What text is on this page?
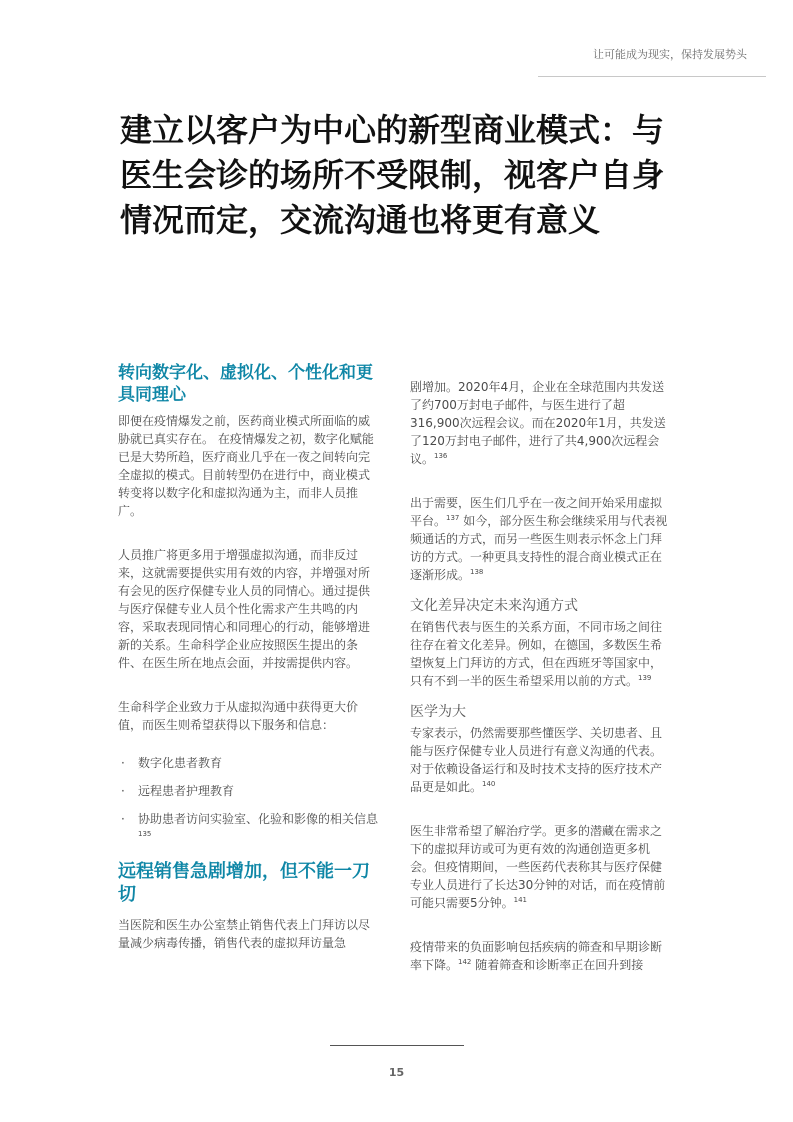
让可能成为现实，保持发展势头
建立以客户为中心的新型商业模式：与医生会诊的场所不受限制，视客户自身情况而定，交流沟通也将更有意义
转向数字化、虚拟化、个性化和更具同理心

即便在疫情爆发之前，医药商业模式所面临的威胁就已真实存在。 在疫情爆发之初，数字化赋能已是大势所趋，医疗商业几乎在一夜之间转向完全虚拟的模式。目前转型仍在进行中，商业模式转变将以数字化和虚拟沟通为主，而非人员推广。

人员推广将更多用于增强虚拟沟通，而非反过来，这就需要提供实用有效的内容，并增强对所有会见的医疗保健专业人员的同情心。通过提供与医疗保健专业人员个性化需求产生共鸣的内容，采取表现同情心和同理心的行动，能够增进新的关系。生命科学企业应按照医生提出的条件、在医生所在地点会面，并按需提供内容。

生命科学企业致力于从虚拟沟通中获得更大价值，而医生则希望获得以下服务和信息：

· 数字化患者教育
· 远程患者护理教育
· 协助患者访问实验室、化验和影像的相关信息$^{135}$
远程销售急剧增加，但不能一刀切

当医院和医生办公室禁止销售代表上门拜访以尽量减少病毒传播，销售代表的虚拟拜访量急

剧增加。2020年4月，企业在全球范围内共发送了约700万封电子邮件，与医生进行了超316,900次远程会议。而在2020年1月，共发送了120万封电子邮件，进行了共4,900次远程会议。$^{136}$

出于需要，医生们几乎在一夜之间开始采用虚拟平台。$^{137}$ 如今，部分医生称会继续采用与代表视频通话的方式，而另一些医生则表示怀念上门拜访的方式。一种更具支持性的混合商业模式正在逐渐形成。$^{138}$

文化差异决定未来沟通方式

在销售代表与医生的关系方面，不同市场之间往往存在着文化差异。例如，在德国，多数医生希望恢复上门拜访的方式，但在西班牙等国家中，只有不到一半的医生希望采用以前的方式。$^{139}$

医学为大

专家表示，仍然需要那些懂医学、关切患者、且能与医疗保健专业人员进行有意义沟通的代表。对于依赖设备运行和及时技术支持的医疗技术产品更是如此。$^{140}$

医生非常希望了解治疗学。更多的潜藏在需求之下的虚拟拜访或可为更有效的沟通创造更多机会。但疫情期间，一些医药代表称其与医疗保健专业人员进行了长达30分钟的对话，而在疫情前可能只需要5分钟。$^{141}$

疫情带来的负面影响包括疾病的筛查和早期诊断率下降。$^{142}$ 随着筛查和诊断率正在回升到接

15
